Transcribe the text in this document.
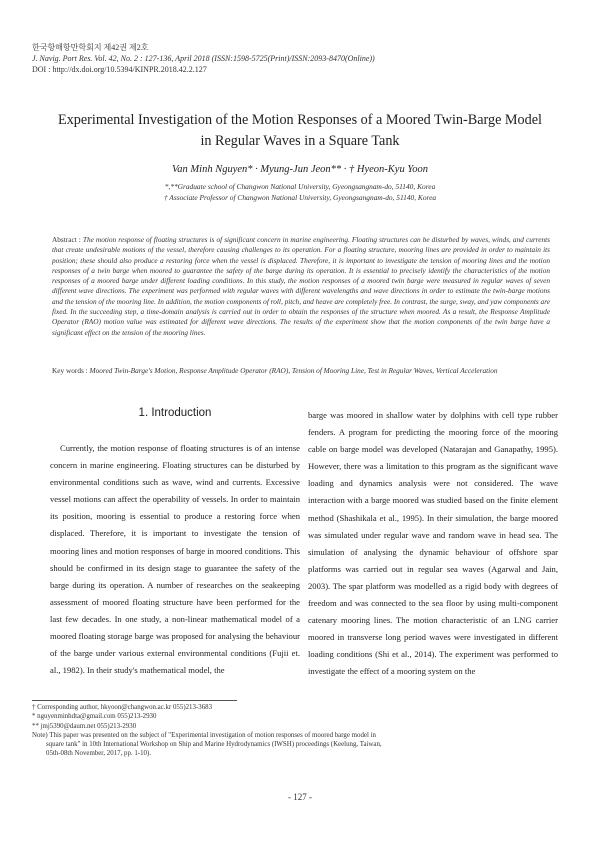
한국항해항만학회지 제42권 제2호
J. Navig. Port Res. Vol. 42, No. 2 : 127-136, April 2018 (ISSN:1598-5725(Print)/ISSN:2093-8470(Online))
DOI : http://dx.doi.org/10.5394/KINPR.2018.42.2.127
Experimental Investigation of the Motion Responses of a Moored Twin-Barge Model
in Regular Waves in a Square Tank
Van Minh Nguyen* · Myung-Jun Jeon** · † Hyeon-Kyu Yoon
*,**Graduate school of Changwon National University, Gyeongsangnam-do, 51140, Korea
† Associate Professor of Changwon National University, Gyeongsangnam-do, 51140, Korea
Abstract : The motion response of floating structures is of significant concern in marine engineering. Floating structures can be disturbed by waves, winds, and currents that create undesirable motions of the vessel, therefore causing challenges to its operation. For a floating structure, mooring lines are provided in order to maintain its position; these should also produce a restoring force when the vessel is displaced. Therefore, it is important to investigate the tension of mooring lines and the motion responses of a twin barge when moored to guarantee the safety of the barge during its operation. It is essential to precisely identify the characteristics of the motion responses of a moored barge under different loading conditions. In this study, the motion responses of a moored twin barge were measured in regular waves of seven different wave directions. The experiment was performed with regular waves with different wavelengths and wave directions in order to estimate the twin-barge motions and the tension of the mooring line. In addition, the motion components of roll, pitch, and heave are completely free. In contrast, the surge, sway, and yaw components are fixed. In the succeeding step, a time-domain analysis is carried out in order to obtain the responses of the structure when moored. As a result, the Response Amplitude Operator (RAO) motion value was estimated for different wave directions. The results of the experiment show that the motion components of the twin barge have a significant effect on the tension of the mooring lines.
Key words : Moored Twin-Barge's Motion, Response Amplitude Operator (RAO), Tension of Mooring Line, Test in Regular Waves, Vertical Acceleration
1. Introduction

Currently, the motion response of floating structures is of an intense concern in marine engineering. Floating structures can be disturbed by environmental conditions such as wave, wind and currents. Excessive vessel motions can affect the operability of vessels. In order to maintain its position, mooring is essential to produce a restoring force when displaced. Therefore, it is important to investigate the tension of mooring lines and motion responses of barge in moored conditions. This should be confirmed in its design stage to guarantee the safety of the barge during its operation. A number of researches on the seakeeping assessment of moored floating structure have been performed for the last few decades. In one study, a non-linear mathematical model of a moored floating storage barge was proposed for analysing the behaviour of the barge under various external environmental conditions (Fujii et. al., 1982). In their study's mathematical model, the

barge was moored in shallow water by dolphins with cell type rubber fenders. A program for predicting the mooring force of the mooring cable on barge model was developed (Natarajan and Ganapathy, 1995). However, there was a limitation to this program as the significant wave loading and dynamics analysis were not considered. The wave interaction with a barge moored was studied based on the finite element method (Shashikala et al., 1995). In their simulation, the barge moored was simulated under regular wave and random wave in head sea. The simulation of analysing the dynamic behaviour of offshore spar platforms was carried out in regular sea waves (Agarwal and Jain, 2003). The spar platform was modelled as a rigid body with degrees of freedom and was connected to the sea floor by using multi-component catenary mooring lines. The motion characteristic of an LNG carrier moored in transverse long period waves were investigated in different loading conditions (Shi et al., 2014). The experiment was performed to investigate the effect of a mooring system on the

† Corresponding author, hkyoon@changwon.ac.kr 055)213-3683
* nguyenminhdta@gmail.com 055)213-2930
** jmj5390@daum.net 055)213-2930
Note) This paper was presented on the subject of "Experimental investigation of motion responses of moored barge model in
square tank" in 10th International Workshop on Ship and Marine Hydrodynamics (IWSH) proceedings (Keelung, Taiwan,
05th-08th November, 2017, pp. 1-10).
- 127 -
